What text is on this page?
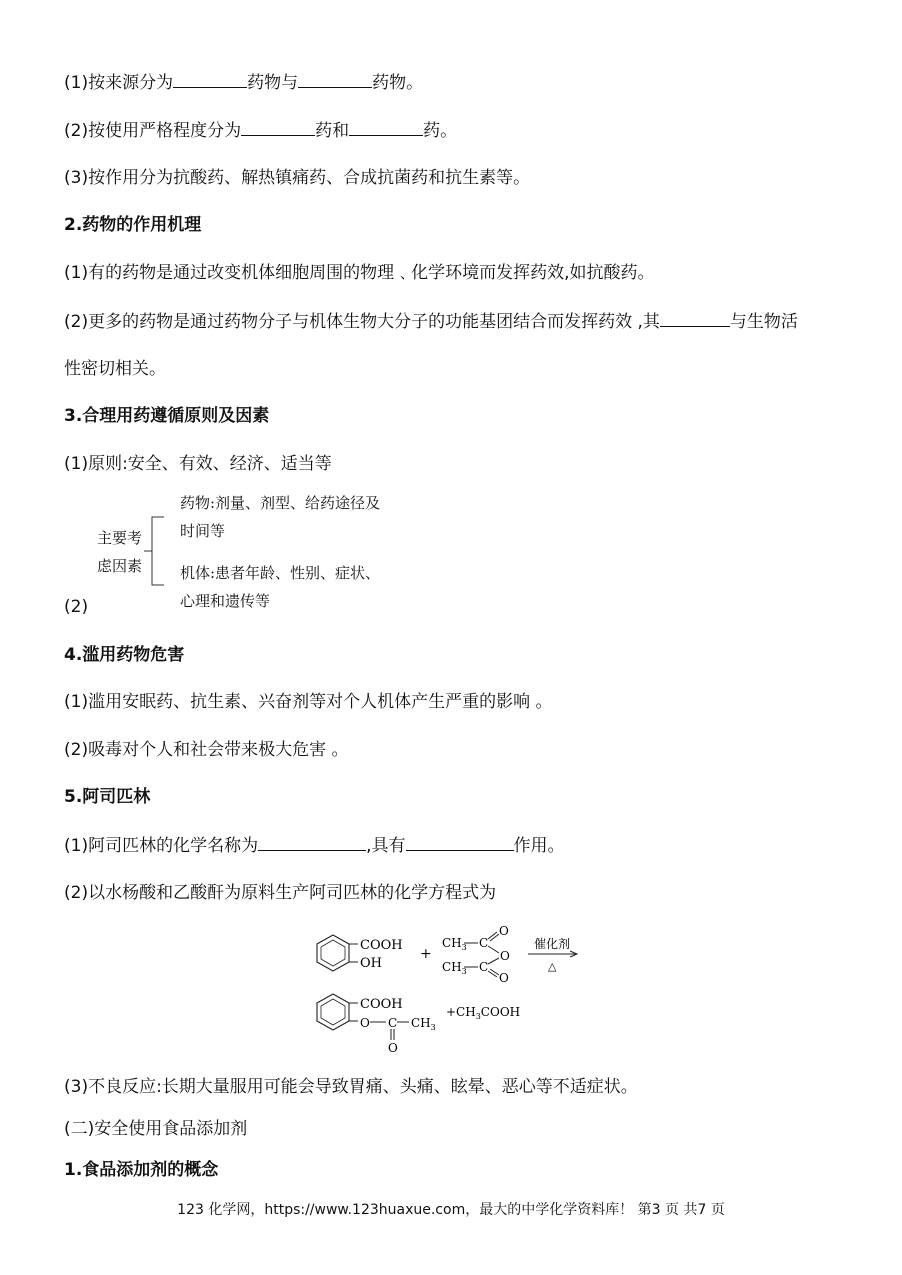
(1)按来源分为	药物与	药物。
(2)按使用严格程度分为	药和	药。
(3)按作用分为抗酸药、解热镇痛药、合成抗菌药和抗生素等。
2.药物的作用机理
(1)有的药物是通过改变机体细胞周围的物理﹑化学环境而发挥药效,如抗酸药。
(2)更多的药物是通过药物分子与机体生物大分子的功能基团结合而发挥药效 ,其	与生物活
性密切相关。
3.合理用药遵循原则及因素
(1)原则:安全、有效、经济、适当等
主要考
虑因素
药物:剂量、剂型、给药途径及
时间等
机体:患者年龄、性别、症状、
心理和遗传等
(2)
4.滥用药物危害
(1)滥用安眠药、抗生素、兴奋剂等对个人机体产生严重的影响 。
(2)吸毒对个人和社会带来极大危害 。
5.阿司匹林
(1)阿司匹林的化学名称为	,具有	作用。
(2)以水杨酸和乙酸酐为原料生产阿司匹林的化学方程式为
COOH
OH
+
$CH_3$ C
O
O
$CH_3$ C
O
催化剂
△
COOH
O C $CH_3$
O
$+CH_3COOH$
(3)不良反应:长期大量服用可能会导致胃痛、头痛、眩晕、恶心等不适症状。
(二)安全使用食品添加剂
1.食品添加剂的概念
123 化学网，https://www.123huaxue.com，最大的中学化学资料库！ 第3 页 共7 页
